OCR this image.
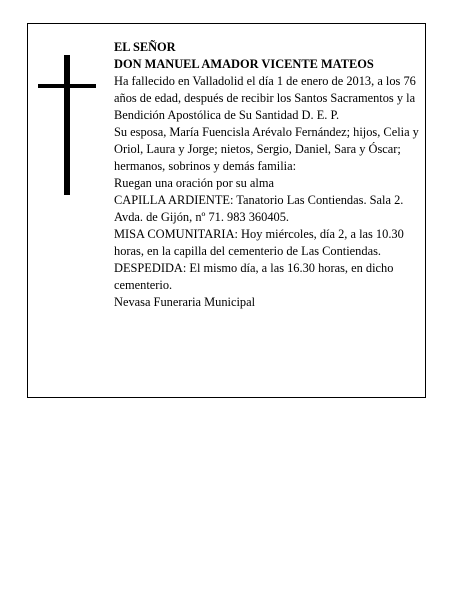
EL SEÑOR

DON MANUEL AMADOR VICENTE MATEOS

Ha fallecido en Valladolid el día 1 de enero de 2013, a los 76 años de edad, después de recibir los Santos Sacramentos y la Bendición Apostólica de Su Santidad D. E. P.

Su esposa, María Fuencisla Arévalo Fernández; hijos, Celia y Oriol, Laura y Jorge; nietos, Sergio, Daniel, Sara y Óscar; hermanos, sobrinos y demás familia:

Ruegan una oración por su alma

CAPILLA ARDIENTE: Tanatorio Las Contiendas. Sala 2. Avda. de Gijón, nº 71. 983 360405.

MISA COMUNITARIA: Hoy miércoles, día 2, a las 10.30 horas, en la capilla del cementerio de Las Contiendas.

DESPEDIDA: El mismo día, a las 16.30 horas, en dicho cementerio.

Nevasa Funeraria Municipal
